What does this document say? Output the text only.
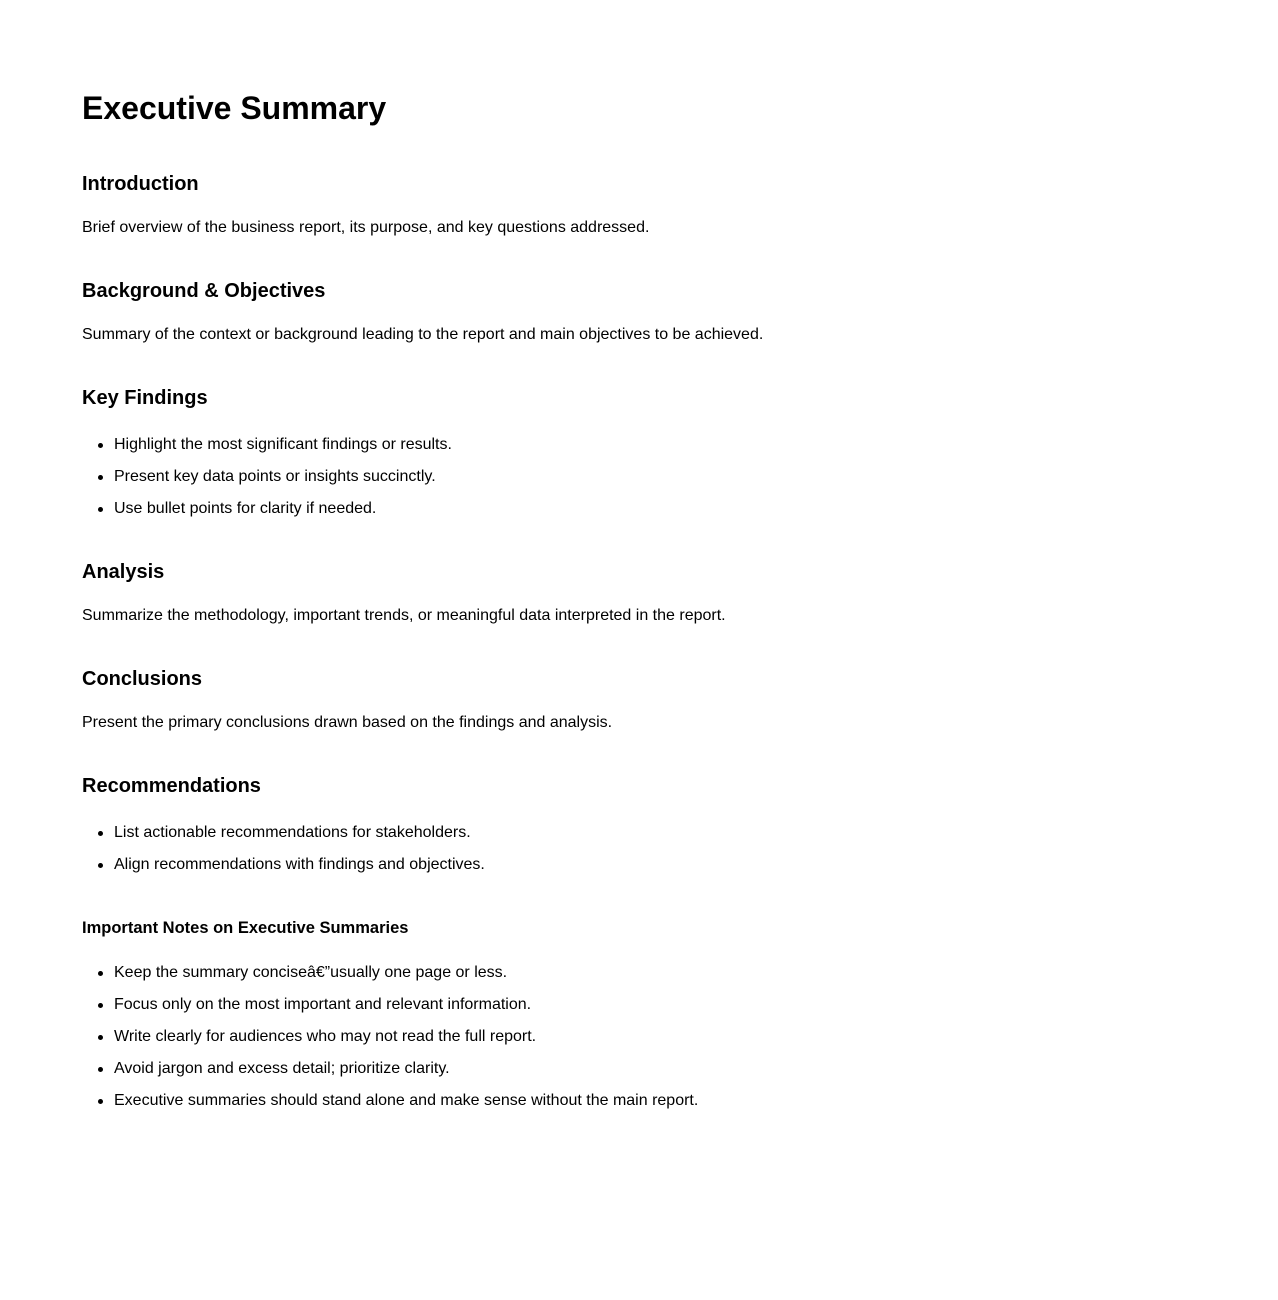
Executive Summary
Introduction

Brief overview of the business report, its purpose, and key questions addressed.

Background & Objectives

Summary of the context or background leading to the report and main objectives to be achieved.

Key Findings
Highlight the most significant findings or results.
Present key data points or insights succinctly.
Use bullet points for clarity if needed.
Analysis

Summarize the methodology, important trends, or meaningful data interpreted in the report.

Conclusions

Present the primary conclusions drawn based on the findings and analysis.

Recommendations
List actionable recommendations for stakeholders.
Align recommendations with findings and objectives.
Important Notes on Executive Summaries
Keep the summary conciseâ€”usually one page or less.
Focus only on the most important and relevant information.
Write clearly for audiences who may not read the full report.
Avoid jargon and excess detail; prioritize clarity.
Executive summaries should stand alone and make sense without the main report.
